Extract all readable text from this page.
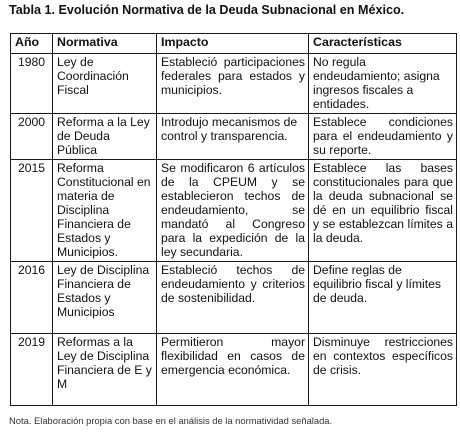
Tabla 1. Evolución Normativa de la Deuda Subnacional en México.

Año	Normativa	Impacto	Características
1980	Ley de Coordinación Fiscal	Estableció participaciones federales para estados y municipios.	No regula endeudamiento; asigna ingresos fiscales a entidades.
2000	Reforma a la Ley de Deuda Pública	Introdujo mecanismos de control y transparencia.	Establece condiciones para el endeudamiento y su reporte.
2015	Reforma Constitucional en materia de Disciplina Financiera de Estados y Municipios.	Se modificaron 6 artículos de la CPEUM y se establecieron techos de endeudamiento, se mandató al Congreso para la expedición de la ley secundaria.	Establece las bases constitucionales para que la deuda subnacional se dé en un equilibrio fiscal y se establezcan límites a la deuda.
2016	Ley de Disciplina Financiera de Estados y Municipios	Estableció techos de endeudamiento y criterios de sostenibilidad.	Define reglas de equilibrio fiscal y límites de deuda.
2019	Reformas a la Ley de Disciplina Financiera de E y M	Permitieron mayor flexibilidad en casos de emergencia económica.	Disminuye restricciones en contextos específicos de crisis.

Nota. Elaboración propia con base en el análisis de la normatividad señalada.
